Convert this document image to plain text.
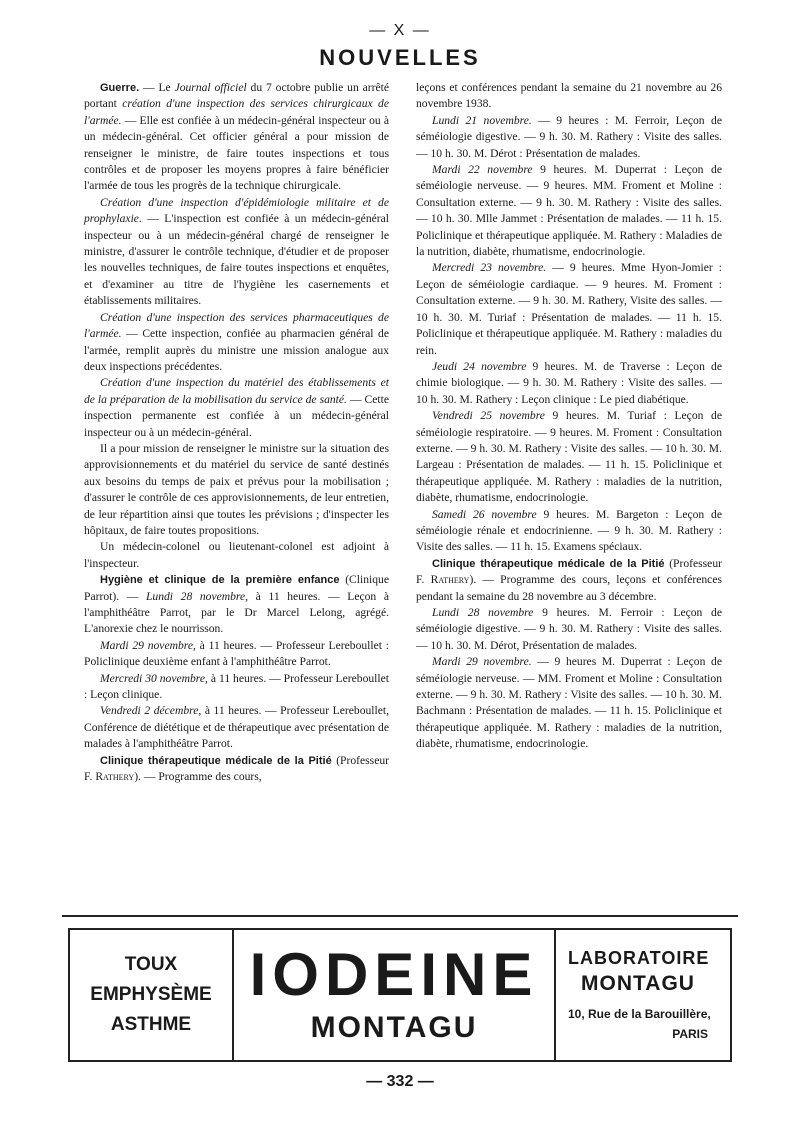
— X —
NOUVELLES

Guerre. — Le Journal officiel du 7 octobre publie un arrêté portant création d'une inspection des services chirurgicaux de l'armée. — Elle est confiée à un médecin-général inspecteur ou à un médecin-général. Cet officier général a pour mission de renseigner le ministre, de faire toutes inspections et tous contrôles et de proposer les moyens propres à faire bénéficier l'armée de tous les progrès de la technique chirurgicale.

Création d'une inspection d'épidémiologie militaire et de prophylaxie. — L'inspection est confiée à un médecin-général inspecteur ou à un médecin-général chargé de renseigner le ministre, d'assurer le contrôle technique, d'étudier et de proposer les nouvelles techniques, de faire toutes inspections et enquêtes, et d'examiner au titre de l'hygiène les casernements et établissements militaires.

Création d'une inspection des services pharmaceutiques de l'armée. — Cette inspection, confiée au pharmacien général de l'armée, remplit auprès du ministre une mission analogue aux deux inspections précédentes.

Création d'une inspection du matériel des établissements et de la préparation de la mobilisation du service de santé. — Cette inspection permanente est confiée à un médecin-général inspecteur ou à un médecin-général.

Il a pour mission de renseigner le ministre sur la situation des approvisionnements et du matériel du service de santé destinés aux besoins du temps de paix et prévus pour la mobilisation ; d'assurer le contrôle de ces approvisionnements, de leur entretien, de leur répartition ainsi que toutes les prévisions ; d'inspecter les hôpitaux, de faire toutes propositions.

Un médecin-colonel ou lieutenant-colonel est adjoint à l'inspecteur.

Hygiène et clinique de la première enfance (Clinique Parrot). — Lundi 28 novembre, à 11 heures. — Leçon à l'amphithéâtre Parrot, par le Dr Marcel Lelong, agrégé. L'anorexie chez le nourrisson.

Mardi 29 novembre, à 11 heures. — Professeur Lereboullet : Policlinique deuxième enfant à l'amphithéâtre Parrot.

Mercredi 30 novembre, à 11 heures. — Professeur Lereboullet : Leçon clinique.

Vendredi 2 décembre, à 11 heures. — Professeur Lereboullet, Conférence de diététique et de thérapeutique avec présentation de malades à l'amphithéâtre Parrot.

Clinique thérapeutique médicale de la Pitié (Professeur F. Rathery). — Programme des cours,

leçons et conférences pendant la semaine du 21 novembre au 26 novembre 1938.

Lundi 21 novembre. — 9 heures : M. Ferroir, Leçon de séméiologie digestive. — 9 h. 30. M. Rathery : Visite des salles. — 10 h. 30. M. Dérot : Présentation de malades.

Mardi 22 novembre 9 heures. M. Duperrat : Leçon de séméiologie nerveuse. — 9 heures. MM. Froment et Moline : Consultation externe. — 9 h. 30. M. Rathery : Visite des salles. — 10 h. 30. Mlle Jammet : Présentation de malades. — 11 h. 15. Policlinique et thérapeutique appliquée. M. Rathery : Maladies de la nutrition, diabète, rhumatisme, endocrinologie.

Mercredi 23 novembre. — 9 heures. Mme Hyon-Jomier : Leçon de séméiologie cardiaque. — 9 heures. M. Froment : Consultation externe. — 9 h. 30. M. Rathery, Visite des salles. — 10 h. 30. M. Turiaf : Présentation de malades. — 11 h. 15. Policlinique et thérapeutique appliquée. M. Rathery : maladies du rein.

Jeudi 24 novembre 9 heures. M. de Traverse : Leçon de chimie biologique. — 9 h. 30. M. Rathery : Visite des salles. — 10 h. 30. M. Rathery : Leçon clinique : Le pied diabétique.

Vendredi 25 novembre 9 heures. M. Turiaf : Leçon de séméiologie respiratoire. — 9 heures. M. Froment : Consultation externe. — 9 h. 30. M. Rathery : Visite des salles. — 10 h. 30. M. Largeau : Présentation de malades. — 11 h. 15. Policlinique et thérapeutique appliquée. M. Rathery : maladies de la nutrition, diabète, rhumatisme, endocrinologie.

Samedi 26 novembre 9 heures. M. Bargeton : Leçon de séméiologie rénale et endocrinienne. — 9 h. 30. M. Rathery : Visite des salles. — 11 h. 15. Examens spéciaux.

Clinique thérapeutique médicale de la Pitié (Professeur F. Rathery). — Programme des cours, leçons et conférences pendant la semaine du 28 novembre au 3 décembre.

Lundi 28 novembre 9 heures. M. Ferroir : Leçon de séméiologie digestive. — 9 h. 30. M. Rathery : Visite des salles. — 10 h. 30. M. Dérot, Présentation de malades.

Mardi 29 novembre. — 9 heures M. Duperrat : Leçon de séméiologie nerveuse. — MM. Froment et Moline : Consultation externe. — 9 h. 30. M. Rathery : Visite des salles. — 10 h. 30. M. Bachmann : Présentation de malades. — 11 h. 15. Policlinique et thérapeutique appliquée. M. Rathery : maladies de la nutrition, diabète, rhumatisme, endocrinologie.

TOUX
EMPHYSÈME
ASTHME
IODEINE
MONTAGU
LABORATOIRE
MONTAGU
10, Rue de la Barouillère,
PARIS
— 332 —
